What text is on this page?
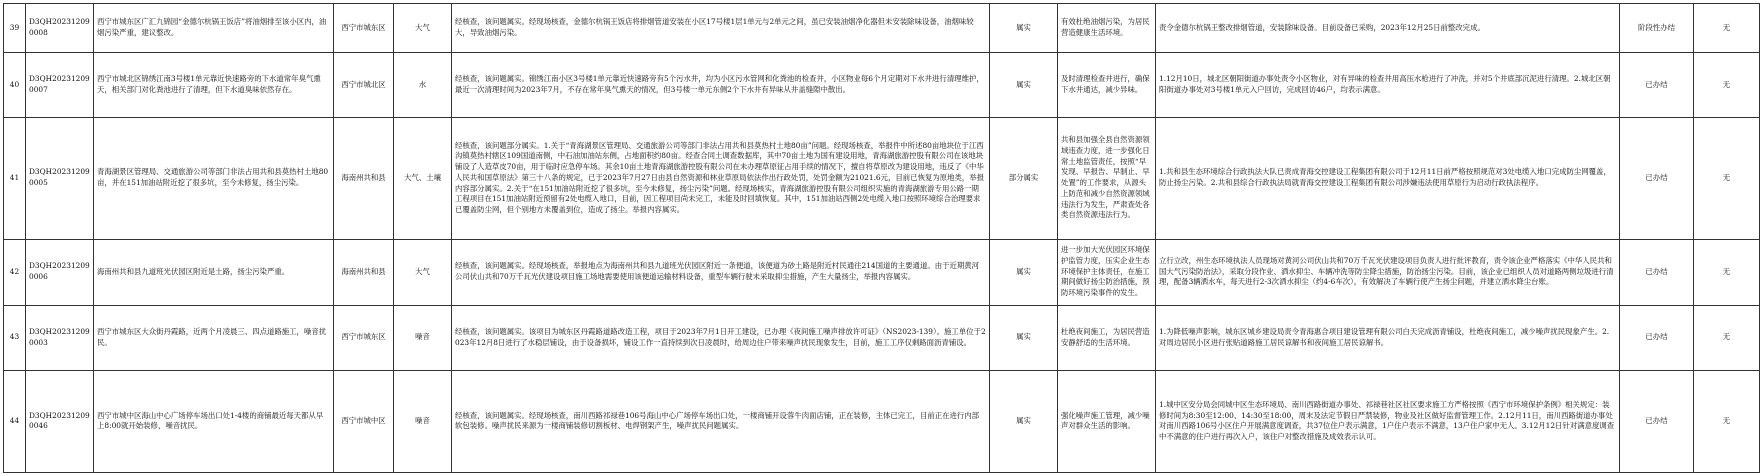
39	D3QH202312090008	西宁市城东区广汇九锦园“金德尔杭锅王饭店”将油烟排至该小区内，油烟污染严重，建议整改。	西宁市城东区	大气	经核查，该问题属实。经现场核查，金德尔杭锅王饭店将排烟管道安装在小区17号楼1层1单元与2单元之间，虽已安装油烟净化器但未安装除味设备，油烟味较大，导致油烟污染。	属实	有效杜绝油烟污染，为居民营造健康生活环境。	责令金德尔杭锅王整改排烟管道，安装除味设备。目前设备已采购，2023年12月25日前整改完成。	阶段性办结	无

40	D3QH202312090007	西宁市城北区锦绣江南3号楼1单元靠近快速路旁的下水道常年臭气熏天，相关部门对化粪池进行了清理，但下水道臭味依然存在。	西宁市城北区	水	经核查，该问题属实。锦绣江南小区3号楼1单元靠近快速路旁有5个污水井，均为小区污水管网和化粪池的检查井，小区物业每6个月定期对下水井进行清理维护，最近一次清理时间为2023年7月，不存在常年臭气熏天的情况，但3号楼一单元东侧2个下水井有异味从井盖缝隙中散出。	属实	及时清理检查井进行，确保下水井通达，减少异味。	1.12月10日，城北区朝阳街道办事处责令小区物业，对有异味的检查井用高压水枪进行了冲洗，并对5个井底部沉泥进行清理。2.城北区朝阳街道办事处对3号楼1单元入户回访，完成回访46户，均表示满意。	已办结	无

41	D3QH202312090005	青海湖景区管理局、交通旅游公司等部门非法占用共和县莫热村土地80亩，并在151加油站附近挖了很多坑，至今未修复，扬尘污染。	海南州共和县	大气、土壤	经核查，该问题部分属实。1.关于“青海湖景区管理局、交通旅游公司等部门非法占用共和县莫热村土地80亩”问题。经现场核查，举报件中所述80亩地块位于江西沟镇莫热村辖区109国道南侧，中石油加油站东侧，占地面积约80亩。经查合同土调查数据库，其中70亩土地为国有建设用地，青海湖旅游控股有限公司在该地块铺设了人造草皮70亩，用于临时应急停车场。其余10亩土地青海湖旅游控股有限公司在未办理草原征占用手续的情况下，擅自将草原改为建设用地，违反了《中华人民共和国草原法》第三十八条的规定，已于2023年7月27日由县自然资源和林业草原局依法作出行政处罚，处罚金额为21021.6元，目前已恢复为原地类，举报内容部分属实。2.关于“在151加油站附近挖了很多坑，至今未修复，扬尘污染”问题。经现场核实，青海湖旅游控股有限公司组织实施的青海湖旅游专用公路一期工程项目在151加油站附近预留有2处电缆入地口，目前，因工程项目尚未完工，未能及时回填恢复。其中，151加油站西侧2处电缆入地口按照环境综合治理要求已覆盖防尘网，但个别地方未覆盖到位，造成了扬尘。举报内容属实。	部分属实	共和县加强全县自然资源领域违查力度，进一步强化日常土地监管责任，按照“早发现、早报告、早制止、早处置”的工作要求，从源头上防范和减少自然资源领域违法行为发生，严肃查处各类自然资源违法行为。	1.共和县生态环境综合行政执法大队已责成青海交控建设工程集团有限公司于12月11日前严格按照规范对3处电缆入地口完成防尘网覆盖，防止扬尘污染。2.共和县综合行政执法局就青海交控建设工程集团有限公司涉嫌违法使用草原行为启动行政执法程序。	已办结	无

42	D3QH202312090006	海南州共和县九道班光伏园区附近是土路，扬尘污染严重。	海南州共和县	大气	经核查，该问题属实。经现场核查，举报地点为海南州共和县九道班光伏园区附近一条便道，该便道为砂土路是附近村民通往214国道的主要通道。由于近期黄河公司伏山共和70万千瓦光伏建设项目施工场地需要使用该便道运输材料设备，重型车辆行驶未采取抑尘措施，产生大量扬尘，举报内容属实。	属实	进一步加大光伏园区环境保护监管力度，压实企业生态环境保护主体责任，在施工期间做好扬尘防治措施，预防环境污染事件的发生。	立行立改，州生态环境执法人员现场对黄河公司伏山共和70万千瓦光伏建设项目负责人进行批评教育，责令该企业严格落实《中华人民共和国大气污染防治法》，采取分段作业、洒水抑尘、车辆冲洗等防尘降尘措施，防治扬尘污染。目前，该企业已组织人员对道路两侧垃圾进行清理，配备3辆洒水车，每天进行2-3次洒水抑尘（约4-6车次），有效解决了车辆行使产生扬尘问题，并建立洒水降尘台账。	已办结	无

43	D3QH202312090003	西宁市城东区大众街丹霞路，近两个月凌晨三、四点道路施工，噪音扰民。	西宁市城东区	噪音	经核查，该问题属实。该项目为城东区丹霞路道路改造工程，项目于2023年7月1日开工建设，已办理《夜间施工噪声排放许可证》（NS2023-139）。施工单位于2023年12月8日进行了水稳层铺设，由于设备损坏，铺设工作一直持续到次日凌晨时，给周边住户带来噪声扰民现象发生，目前，施工工序仅剩路面沥青铺设。	属实	杜绝夜间施工，为居民营造安静舒适的生活环境。	1.为降低噪声影响，城东区城乡建设局责令青海惠合项目建设管理有限公司白天完成沥青铺设，杜绝夜间施工，减少噪声扰民现象产生。2.对周边居民小区进行张贴道路施工居民谅解书和夜间施工居民谅解书。	已办结	无

44	D3QH202312090046	西宁市城中区海山中心广场停车场出口处1-4楼的商铺最近每天都从早上8:00就开始装修，噪音扰民。	西宁市城中区	噪音	经核查，该问题属实。经现场核查，南川西路祁禄巷106号海山中心广场停车场出口处，一楼商铺开设蓉牛肉面店铺，正在装修，主体已完工，目前正在进行内部软包装修。噪声扰民来源为一楼商铺装修切割板材、电焊钢架产生，噪声扰民问题属实。	属实	强化噪声施工管理，减少噪声对群众生活的影响。	1.城中区安分局会同城中区生态环境局、南川西路街道办事处、祁禄巷社区社区要求施工方严格按照《西宁市环境保护条例》相关规定：装修时间为8:30至12:00、14:30至18:00，周末及法定节假日严禁装修，物业及社区做好监督管理工作。2.12月11日，南川西路街道办事处对南川西路106号小区住户开展满意度调查，共37位住户表示满意，1户住户表示不满意，13户住户家中无人。3.12月12日针对满意度调查中不满意的住户进行再次入户，该住户对整改措施及成效表示认可。	已办结	无
